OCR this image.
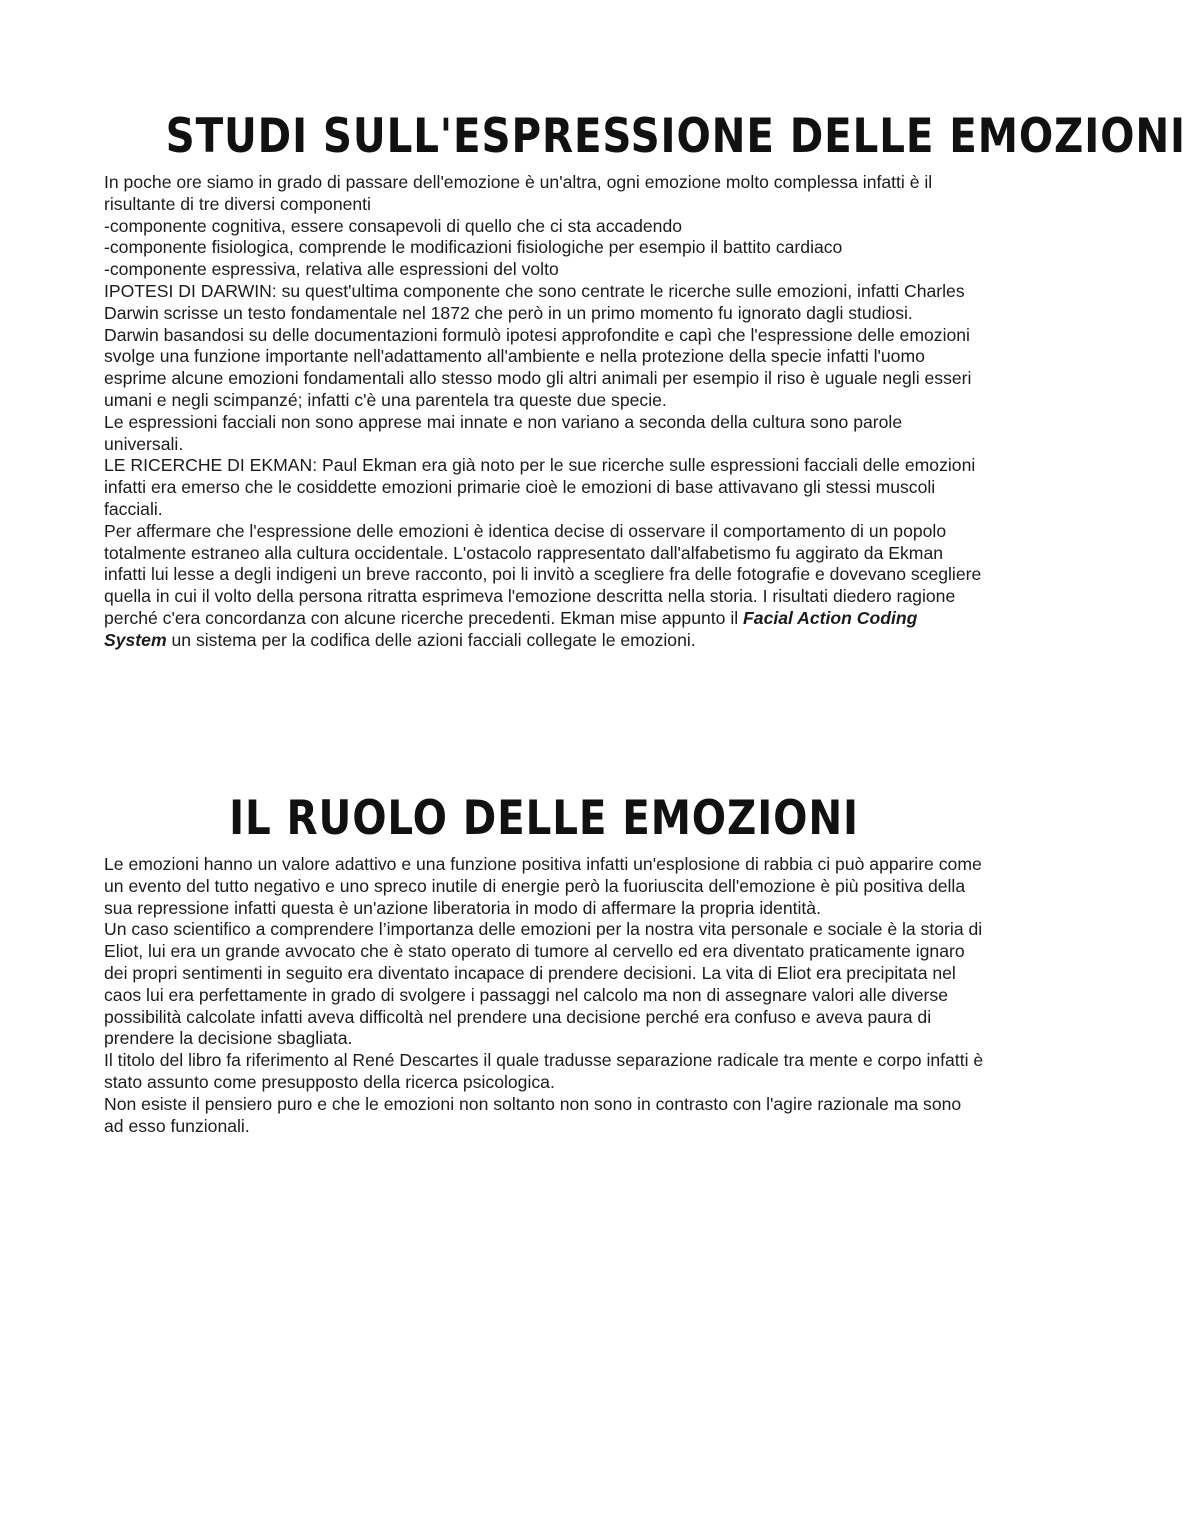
STUDI SULL'ESPRESSIONE DELLE EMOZIONI

In poche ore siamo in grado di passare dell'emozione è un'altra, ogni emozione molto complessa infatti è il risultante di tre diversi componenti

-componente cognitiva, essere consapevoli di quello che ci sta accadendo

-componente fisiologica, comprende le modificazioni fisiologiche per esempio il battito cardiaco

-componente espressiva, relativa alle espressioni del volto

IPOTESI DI DARWIN: su quest'ultima componente che sono centrate le ricerche sulle emozioni, infatti Charles Darwin scrisse un testo fondamentale nel 1872 che però in un primo momento fu ignorato dagli studiosi.

Darwin basandosi su delle documentazioni formulò ipotesi approfondite e capì che l'espressione delle emozioni svolge una funzione importante nell'adattamento all'ambiente e nella protezione della specie infatti l'uomo esprime alcune emozioni fondamentali allo stesso modo gli altri animali per esempio il riso è uguale negli esseri umani e negli scimpanzé; infatti c'è una parentela tra queste due specie.

Le espressioni facciali non sono apprese mai innate e non variano a seconda della cultura sono parole universali.

LE RICERCHE DI EKMAN: Paul Ekman era già noto per le sue ricerche sulle espressioni facciali delle emozioni infatti era emerso che le cosiddette emozioni primarie cioè le emozioni di base attivavano gli stessi muscoli facciali.

Per affermare che l'espressione delle emozioni è identica decise di osservare il comportamento di un popolo totalmente estraneo alla cultura occidentale. L'ostacolo rappresentato dall'alfabetismo fu aggirato da Ekman infatti lui lesse a degli indigeni un breve racconto, poi li invitò a scegliere fra delle fotografie e dovevano scegliere quella in cui il volto della persona ritratta esprimeva l'emozione descritta nella storia. I risultati diedero ragione perché c'era concordanza con alcune ricerche precedenti. Ekman mise appunto il Facial Action Coding System un sistema per la codifica delle azioni facciali collegate le emozioni.

IL RUOLO DELLE EMOZIONI

Le emozioni hanno un valore adattivo e una funzione positiva infatti un'esplosione di rabbia ci può apparire come un evento del tutto negativo e uno spreco inutile di energie però la fuoriuscita dell'emozione è più positiva della sua repressione infatti questa è un'azione liberatoria in modo di affermare la propria identità.

Un caso scientifico a comprendere l’importanza delle emozioni per la nostra vita personale e sociale è la storia di Eliot, lui era un grande avvocato che è stato operato di tumore al cervello ed era diventato praticamente ignaro dei propri sentimenti in seguito era diventato incapace di prendere decisioni. La vita di Eliot era precipitata nel caos lui era perfettamente in grado di svolgere i passaggi nel calcolo ma non di assegnare valori alle diverse possibilità calcolate infatti aveva difficoltà nel prendere una decisione perché era confuso e aveva paura di prendere la decisione sbagliata.

Il titolo del libro fa riferimento al René Descartes il quale tradusse separazione radicale tra mente e corpo infatti è stato assunto come presupposto della ricerca psicologica.

Non esiste il pensiero puro e che le emozioni non soltanto non sono in contrasto con l'agire razionale ma sono ad esso funzionali.
